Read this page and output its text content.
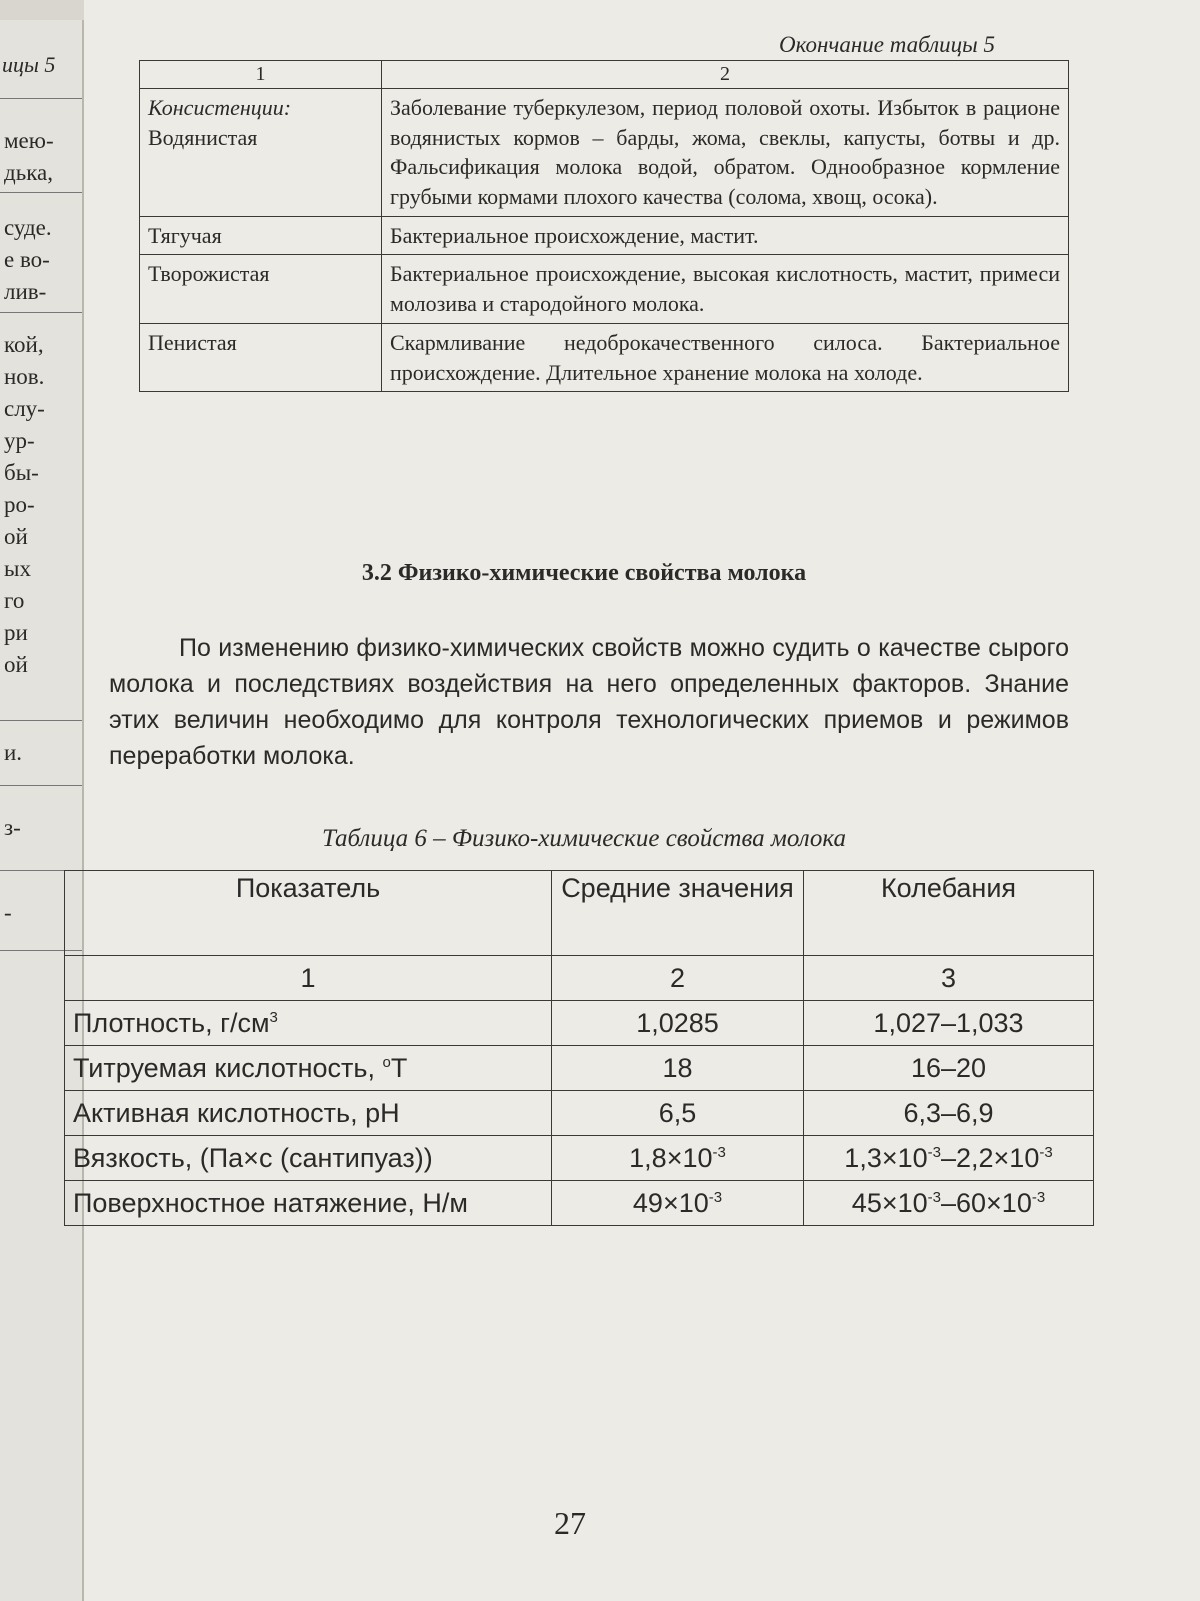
ицы 5
мею-
дька,
суде.
е во-
лив-
кой,
нов.
слу-
ур-
бы-
ро-
ой
ых
го
ри
ой
и.
з-
-
Окончание таблицы 5
1	2

Консистенции:
Водянистая	Заболевание туберкулезом, период половой охоты. Избыток в рационе водянистых кормов – барды, жома, свеклы, капусты, ботвы и др. Фальсификация молока водой, обратом. Однообразное кормление грубыми кормами плохого качества (солома, хвощ, осока).
Тягучая	Бактериальное происхождение, мастит.
Творожистая	Бактериальное происхождение, высокая кислотность, мастит, примеси молозива и стародойного молока.
Пенистая	Скармливание недоброкачественного силоса. Бактериальное происхождение. Длительное хранение молока на холоде.
3.2 Физико-химические свойства молока
По изменению физико-химических свойств можно судить о качестве сырого молока и последствиях воздействия на него определенных факторов. Знание этих величин необходимо для контроля технологических приемов и режимов переработки молока.
Таблица 6 – Физико-химические свойства молока
Показатель	Средние значения	Колебания
1	2	3
Плотность, $г/см^3$	1,0285	1,027–1,033
Титруемая кислотность, $^о$Т	18	16–20
Активная кислотность, рН	6,5	6,3–6,9
Вязкость, (Па×с (сантипуаз))	$1,8\times 10^{-3}$	$1,3\times 10^{-3}-2,2\times 10^{-3}$
Поверхностное натяжение, Н/м	$49\times 10^{-3}$	$45\times 10^{-3}-60\times 10^{-3}$
27
